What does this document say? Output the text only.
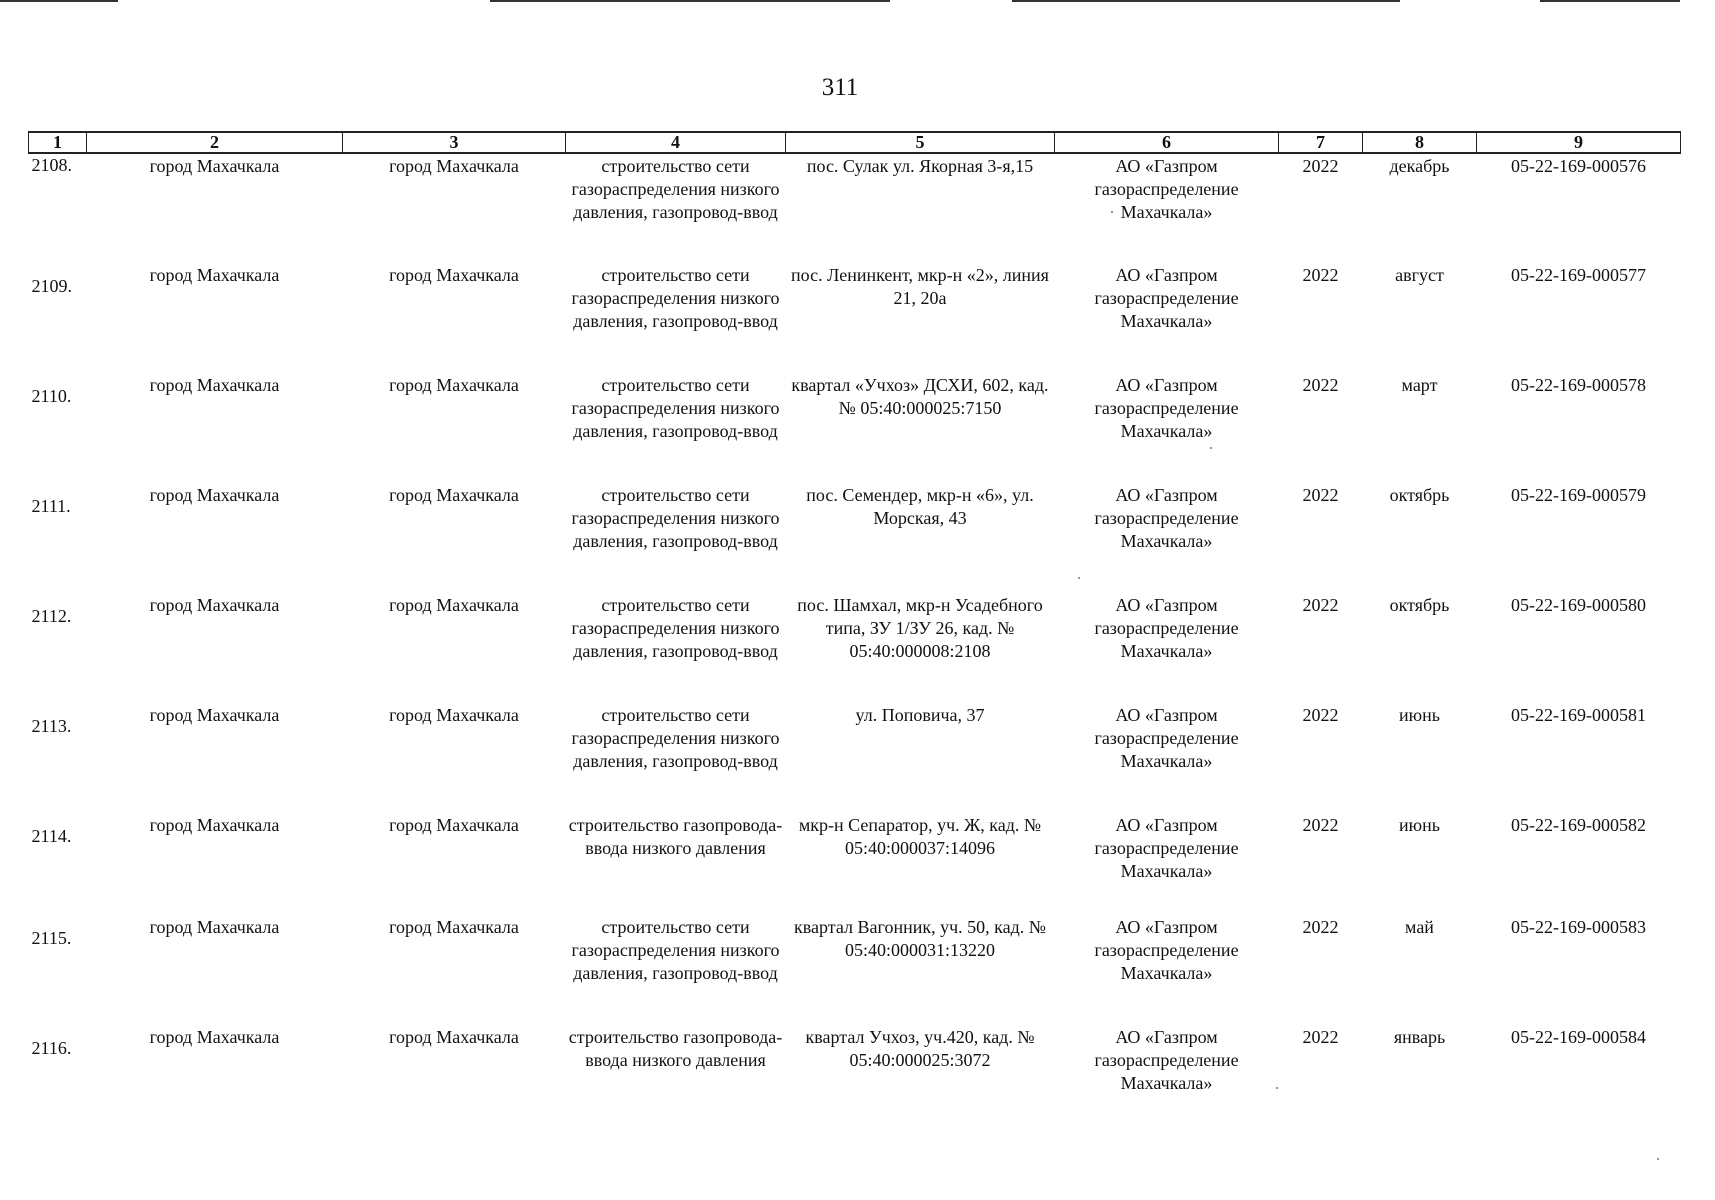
311
1	2	3	4	5	6	7	8	9
2108.	город Махачкала	город Махачкала	строительство сети газораспределения низкого давления, газопровод-ввод	пос. Сулак ул. Якорная 3-я,15	АО «Газпром газораспределение Махачкала»	2022	декабрь	05-22-169-000576
2109.	город Махачкала	город Махачкала	строительство сети газораспределения низкого давления, газопровод-ввод	пос. Ленинкент, мкр-н «2», линия 21, 20а	АО «Газпром газораспределение Махачкала»	2022	август	05-22-169-000577
2110.	город Махачкала	город Махачкала	строительство сети газораспределения низкого давления, газопровод-ввод	квартал «Учхоз» ДСХИ, 602, кад. № 05:40:000025:7150	АО «Газпром газораспределение Махачкала»	2022	март	05-22-169-000578
2111.	город Махачкала	город Махачкала	строительство сети газораспределения низкого давления, газопровод-ввод	пос. Семендер, мкр-н «6», ул. Морская, 43	АО «Газпром газораспределение Махачкала»	2022	октябрь	05-22-169-000579
2112.	город Махачкала	город Махачкала	строительство сети газораспределения низкого давления, газопровод-ввод	пос. Шамхал, мкр-н Усадебного типа, ЗУ 1/ЗУ 26, кад. № 05:40:000008:2108	АО «Газпром газораспределение Махачкала»	2022	октябрь	05-22-169-000580
2113.	город Махачкала	город Махачкала	строительство сети газораспределения низкого давления, газопровод-ввод	ул. Поповича, 37	АО «Газпром газораспределение Махачкала»	2022	июнь	05-22-169-000581
2114.	город Махачкала	город Махачкала	строительство газопровода-ввода низкого давления	мкр-н Сепаратор, уч. Ж, кад. № 05:40:000037:14096	АО «Газпром газораспределение Махачкала»	2022	июнь	05-22-169-000582
2115.	город Махачкала	город Махачкала	строительство сети газораспределения низкого давления, газопровод-ввод	квартал Вагонник, уч. 50, кад. № 05:40:000031:13220	АО «Газпром газораспределение Махачкала»	2022	май	05-22-169-000583
2116.	город Махачкала	город Махачкала	строительство газопровода-ввода низкого давления	квартал Учхоз, уч.420, кад. № 05:40:000025:3072	АО «Газпром газораспределение Махачкала»	2022	январь	05-22-169-000584
